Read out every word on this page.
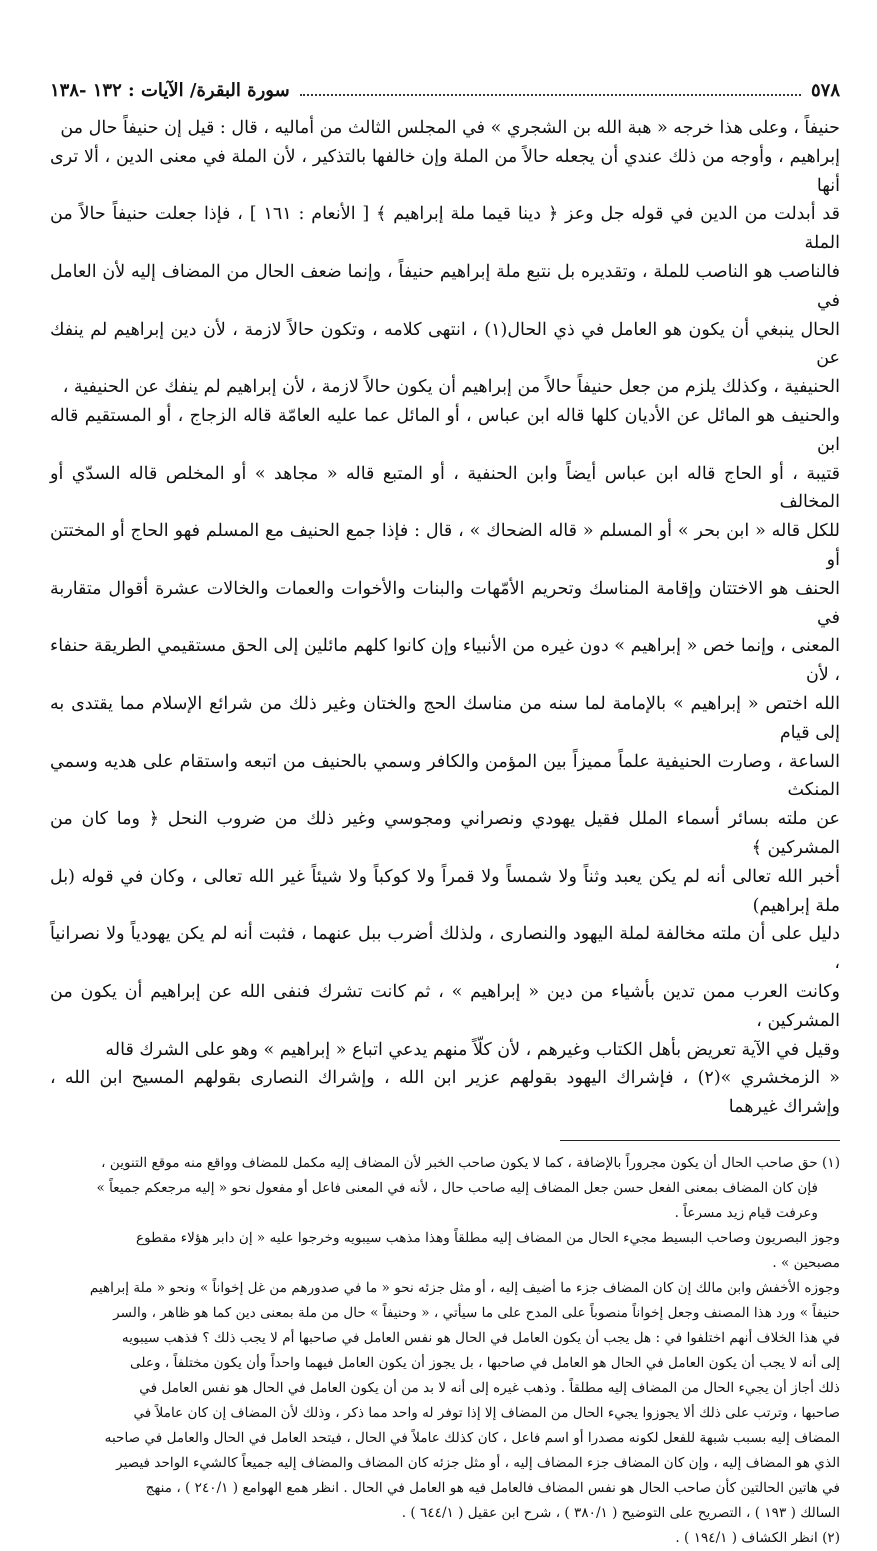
٥٧٨
سورة البقرة/ الآيات : ١٣٢ -١٣٨

حنيفاً ، وعلى هذا خرجه « هبة الله بن الشجري » في المجلس الثالث من أماليه ، قال : قيل إن حنيفاً حال من

إبراهيم ، وأوجه من ذلك عندي أن يجعله حالاً من الملة وإن خالفها بالتذكير ، لأن الملة في معنى الدين ، ألا ترى أنها

قد أبدلت من الدين في قوله جل وعز ﴿ دينا قيما ملة إبراهيم ﴾ [ الأنعام : ١٦١ ] ، فإذا جعلت حنيفاً حالاً من الملة

فالناصب هو الناصب للملة ، وتقديره بل نتبع ملة إبراهيم حنيفاً ، وإنما ضعف الحال من المضاف إليه لأن العامل في

الحال ينبغي أن يكون هو العامل في ذي الحال(١) ، انتهى كلامه ، وتكون حالاً لازمة ، لأن دين إبراهيم لم ينفك عن

الحنيفية ، وكذلك يلزم من جعل حنيفاً حالاً من إبراهيم أن يكون حالاً لازمة ، لأن إبراهيم لم ينفك عن الحنيفية ،

والحنيف هو المائل عن الأديان كلها قاله ابن عباس ، أو المائل عما عليه العامّة قاله الزجاج ، أو المستقيم قاله ابن

قتيبة ، أو الحاج قاله ابن عباس أيضاً وابن الحنفية ، أو المتبع قاله « مجاهد » أو المخلص قاله السدّي أو المخالف

للكل قاله « ابن بحر » أو المسلم « قاله الضحاك » ، قال : فإذا جمع الحنيف مع المسلم فهو الحاج أو المختتن أو

الحنف هو الاختتان وإقامة المناسك وتحريم الأمّهات والبنات والأخوات والعمات والخالات عشرة أقوال متقاربة في

المعنى ، وإنما خص « إبراهيم » دون غيره من الأنبياء وإن كانوا كلهم مائلين إلى الحق مستقيمي الطريقة حنفاء ، لأن

الله اختص « إبراهيم » بالإمامة لما سنه من مناسك الحج والختان وغير ذلك من شرائع الإسلام مما يقتدى به إلى قيام

الساعة ، وصارت الحنيفية علماً مميزاً بين المؤمن والكافر وسمي بالحنيف من اتبعه واستقام على هديه وسمي المنكث

عن ملته بسائر أسماء الملل فقيل يهودي ونصراني ومجوسي وغير ذلك من ضروب النحل ﴿ وما كان من المشركين ﴾

أخبر الله تعالى أنه لم يكن يعبد وثناً ولا شمساً ولا قمراً ولا كوكباً ولا شيئاً غير الله تعالى ، وكان في قوله (بل ملة إبراهيم)

دليل على أن ملته مخالفة لملة اليهود والنصارى ، ولذلك أضرب ببل عنهما ، فثبت أنه لم يكن يهودياً ولا نصرانياً ،

وكانت العرب ممن تدين بأشياء من دين « إبراهيم » ، ثم كانت تشرك فنفى الله عن إبراهيم أن يكون من المشركين ،

وقيل في الآية تعريض بأهل الكتاب وغيرهم ، لأن كلّاً منهم يدعي اتباع « إبراهيم » وهو على الشرك قاله

« الزمخشري »(٢) ، فإشراك اليهود بقولهم عزير ابن الله ، وإشراك النصارى بقولهم المسيح ابن الله ، وإشراك غيرهما

(١) حق صاحب الحال أن يكون مجروراً بالإضافة ، كما لا يكون صاحب الخبر لأن المضاف إليه مكمل للمضاف وواقع منه موقع التنوين ،

فإن كان المضاف بمعنى الفعل حسن جعل المضاف إليه صاحب حال ، لأنه في المعنى فاعل أو مفعول نحو « إليه مرجعكم جميعاً »

وعرفت قيام زيد مسرعاً .

وجوز البصريون وصاحب البسيط مجيء الحال من المضاف إليه مطلقاً وهذا مذهب سيبويه وخرجوا عليه « إن دابر هؤلاء مقطوع

مصبحين » .

وجوزه الأخفش وابن مالك إن كان المضاف جزء ما أضيف إليه ، أو مثل جزئه نحو « ما في صدورهم من غل إخواناً » ونحو « ملة إبراهيم

حنيفاً » ورد هذا المصنف وجعل إخواناً منصوباً على المدح على ما سيأتي ، « وحنيفاً » حال من ملة بمعنى دين كما هو ظاهر ، والسر

في هذا الخلاف أنهم اختلفوا في : هل يجب أن يكون العامل في الحال هو نفس العامل في صاحبها أم لا يجب ذلك ؟ فذهب سيبويه

إلى أنه لا يجب أن يكون العامل في الحال هو العامل في صاحبها ، بل يجوز أن يكون العامل فيهما واحداً وأن يكون مختلفاً ، وعلى

ذلك أجاز أن يجيء الحال من المضاف إليه مطلقاً . وذهب غيره إلى أنه لا بد من أن يكون العامل في الحال هو نفس العامل في

صاحبها ، وترتب على ذلك ألا يجوزوا يجيء الحال من المضاف إلا إذا توفر له واحد مما ذكر ، وذلك لأن المضاف إن كان عاملاً في

المضاف إليه بسبب شبهة للفعل لكونه مصدرا أو اسم فاعل ، كان كذلك عاملاً في الحال ، فيتحد العامل في الحال والعامل في صاحبه

الذي هو المضاف إليه ، وإن كان المضاف جزء المضاف إليه ، أو مثل جزئه كان المضاف والمضاف إليه جميعاً كالشيء الواحد فيصير

في هاتين الحالتين كأن صاحب الحال هو نفس المضاف فالعامل فيه هو العامل في الحال . انظر همع الهوامع ( ٢٤٠/١ ) ، منهج

السالك ( ١٩٣ ) ، التصريح على التوضيح ( ٣٨٠/١ ) ، شرح ابن عقيل ( ٦٤٤/١ ) .

(٢) انظر الكشاف ( ١٩٤/١ ) .
